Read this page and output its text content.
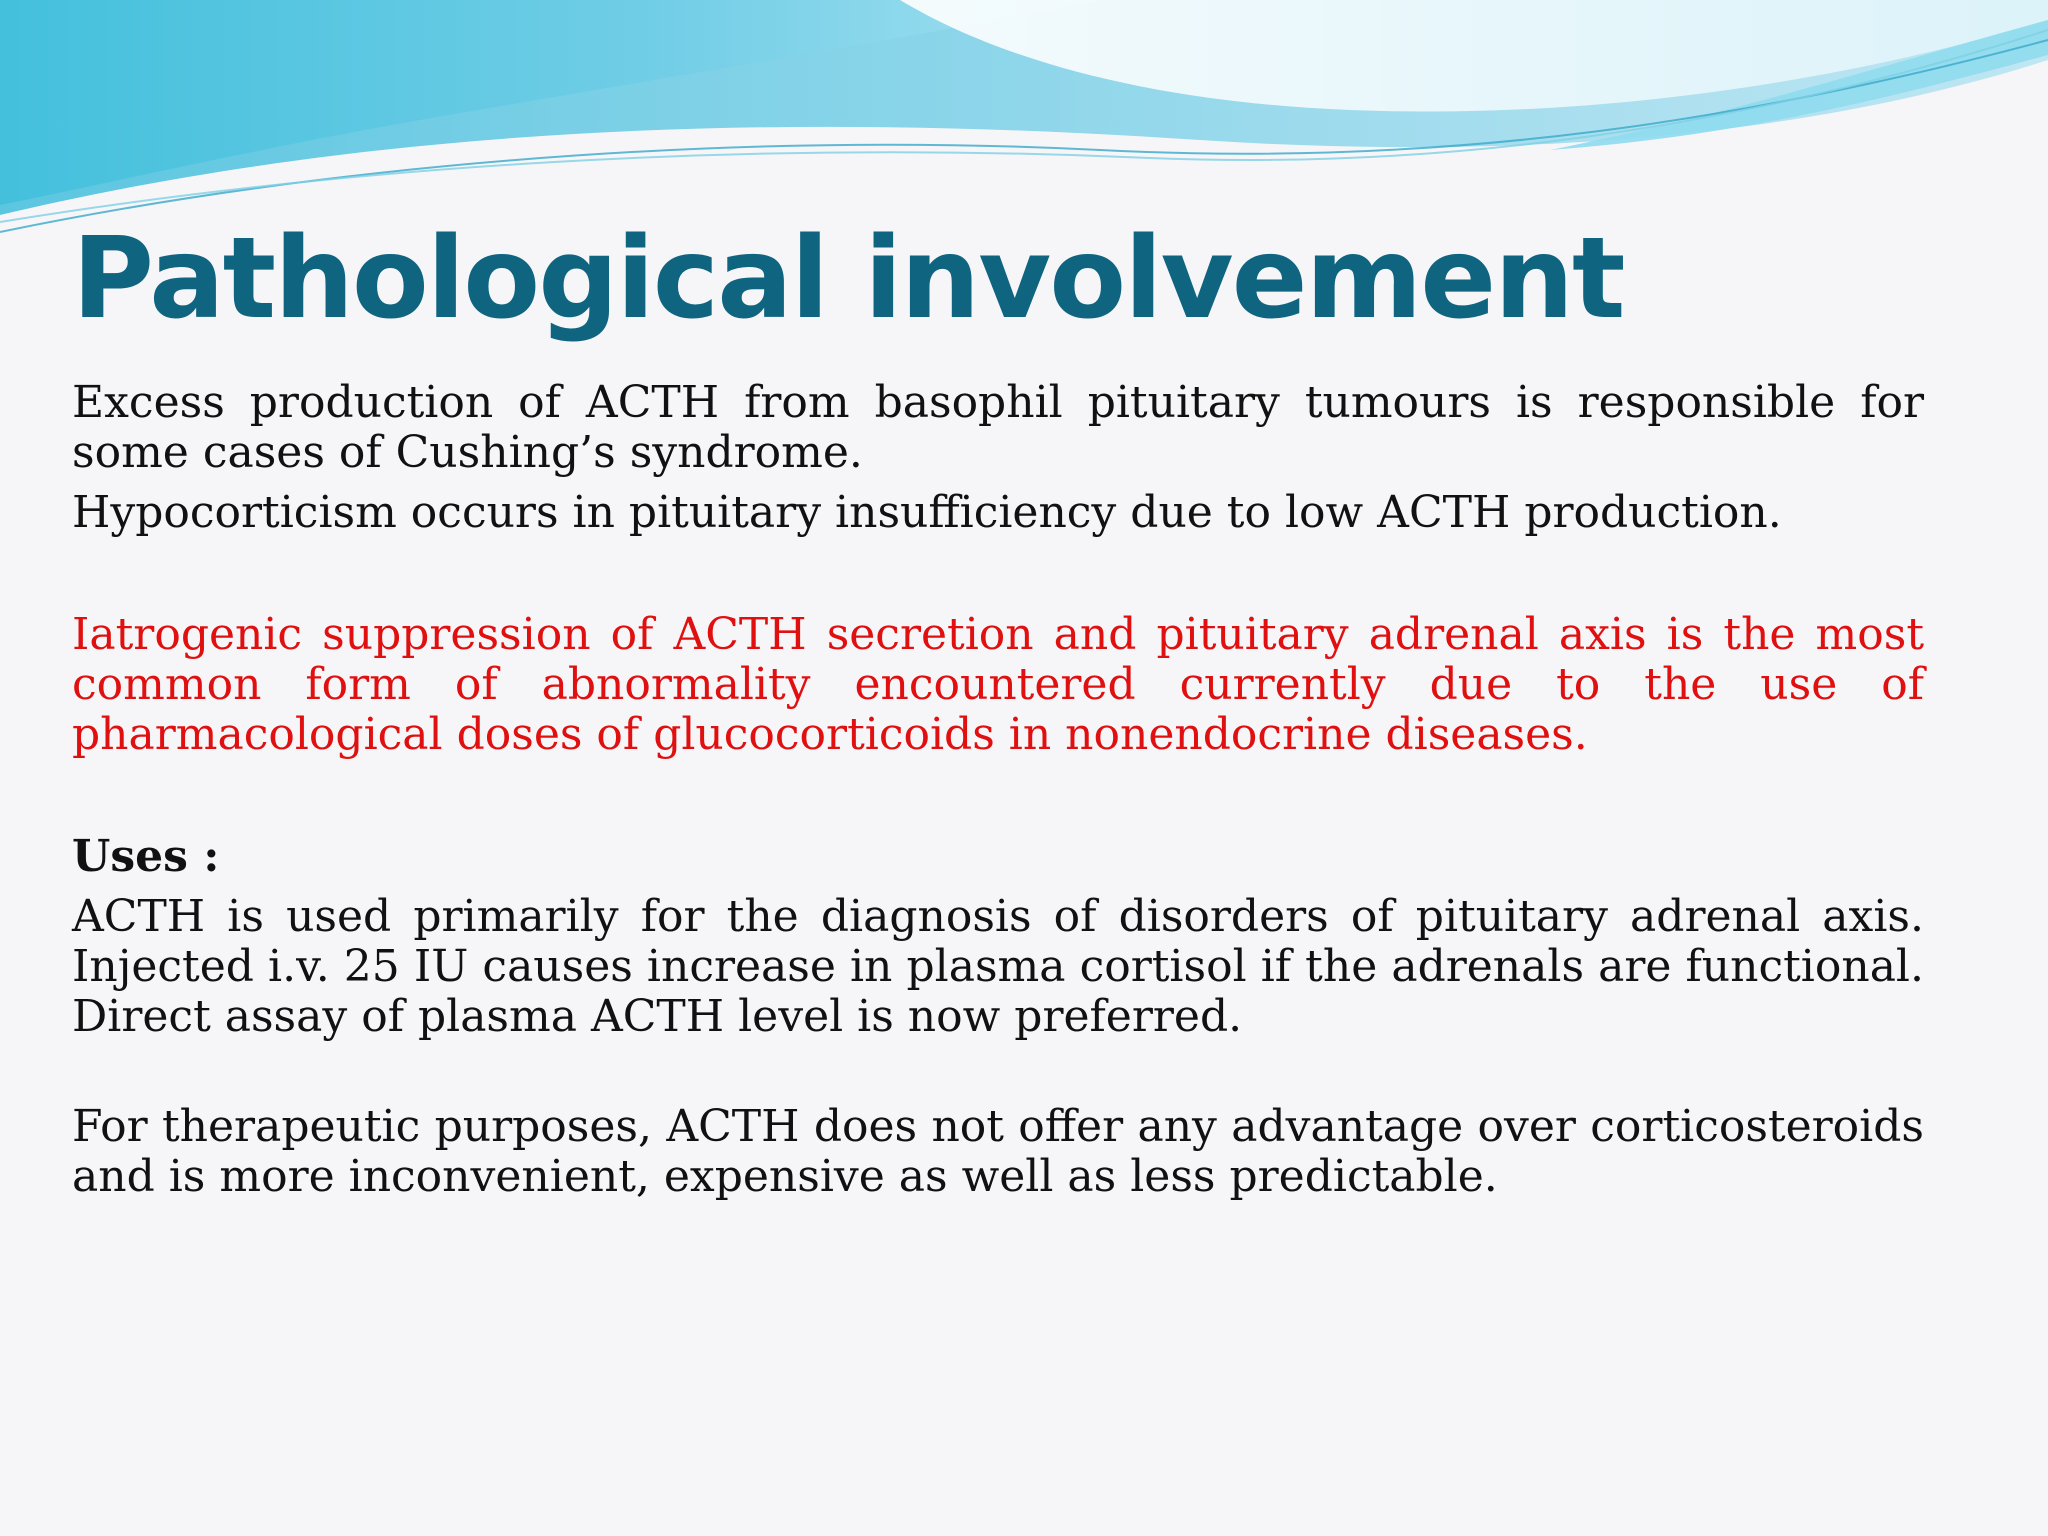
Pathological involvement

Excess production of ACTH from basophil pituitary tumours is responsible for some cases of Cushing’s syndrome.

Hypocorticism occurs in pituitary insufficiency due to low ACTH production.

Iatrogenic suppression of ACTH secretion and pituitary adrenal axis is the most common form of abnormality encountered currently due to the use of pharmacological doses of glucocorticoids in nonendocrine diseases.

Uses :

ACTH is used primarily for the diagnosis of disorders of pituitary adrenal axis. Injected i.v. 25 IU causes increase in plasma cortisol if the adrenals are functional. Direct assay of plasma ACTH level is now preferred.

For therapeutic purposes, ACTH does not offer any advantage over corticosteroids and is more inconvenient, expensive as well as less predictable.
